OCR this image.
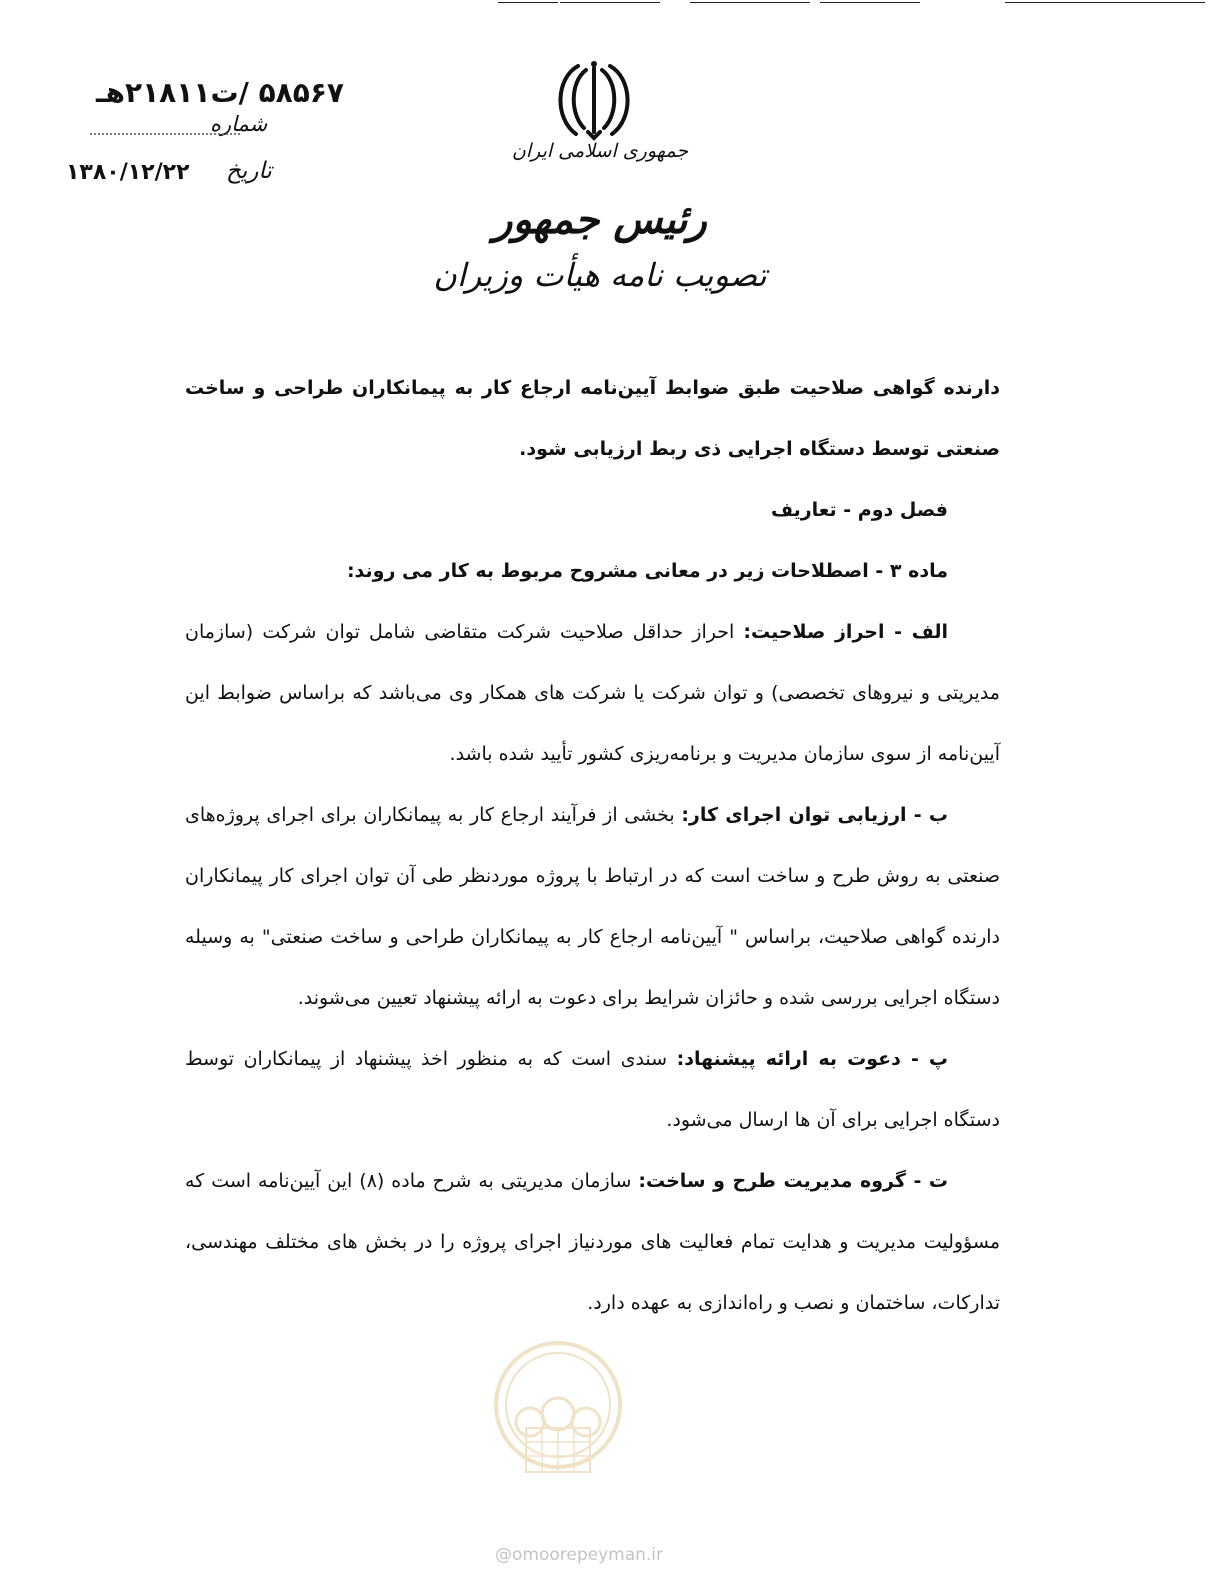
۵۸۵۶۷ /ت۲۱۸۱۱هـ
شماره
تاریخ
۱۳۸۰/۱۲/۲۲
جمهوری اسلامی ایران
رئیس جمهور
تصویب نامه هیأت وزیران

دارنده گواهی صلاحیت طبق ضوابط آیین‌نامه ارجاع کار به پیمانکاران طراحی و ساخت صنعتی توسط دستگاه اجرایی ذی ربط ارزیابی شود.

فصل دوم - تعاریف

ماده ۳ - اصطلاحات زیر در معانی مشروح مربوط به کار می روند:

الف - احراز صلاحیت: احراز حداقل صلاحیت شرکت متقاضی شامل توان شرکت (سازمان مدیریتی و نیروهای تخصصی) و توان شرکت یا شرکت های همکار وی می‌باشد که براساس ضوابط این آیین‌نامه از سوی سازمان مدیریت و برنامه‌ریزی کشور تأیید شده باشد.

ب - ارزیابی توان اجرای کار: بخشی از فرآیند ارجاع کار به پیمانکاران برای اجرای پروژه‌های صنعتی به روش طرح و ساخت است که در ارتباط با پروژه موردنظر طی آن توان اجرای کار پیمانکاران دارنده گواهی صلاحیت، براساس " آیین‌نامه ارجاع کار به پیمانکاران طراحی و ساخت صنعتی" به وسیله دستگاه اجرایی بررسی شده و حائزان شرایط برای دعوت به ارائه پیشنهاد تعیین می‌شوند.

پ - دعوت به ارائه پیشنهاد: سندی است که به منظور اخذ پیشنهاد از پیمانکاران توسط دستگاه اجرایی برای آن ها ارسال می‌شود.

ت - گروه مدیریت طرح و ساخت: سازمان مدیریتی به شرح ماده (۸) این آیین‌نامه است که مسؤولیت مدیریت و هدایت تمام فعالیت های موردنیاز اجرای پروژه را در بخش های مختلف مهندسی، تدارکات، ساختمان و نصب و راه‌اندازی به عهده دارد.

@omoorepeyman.ir
